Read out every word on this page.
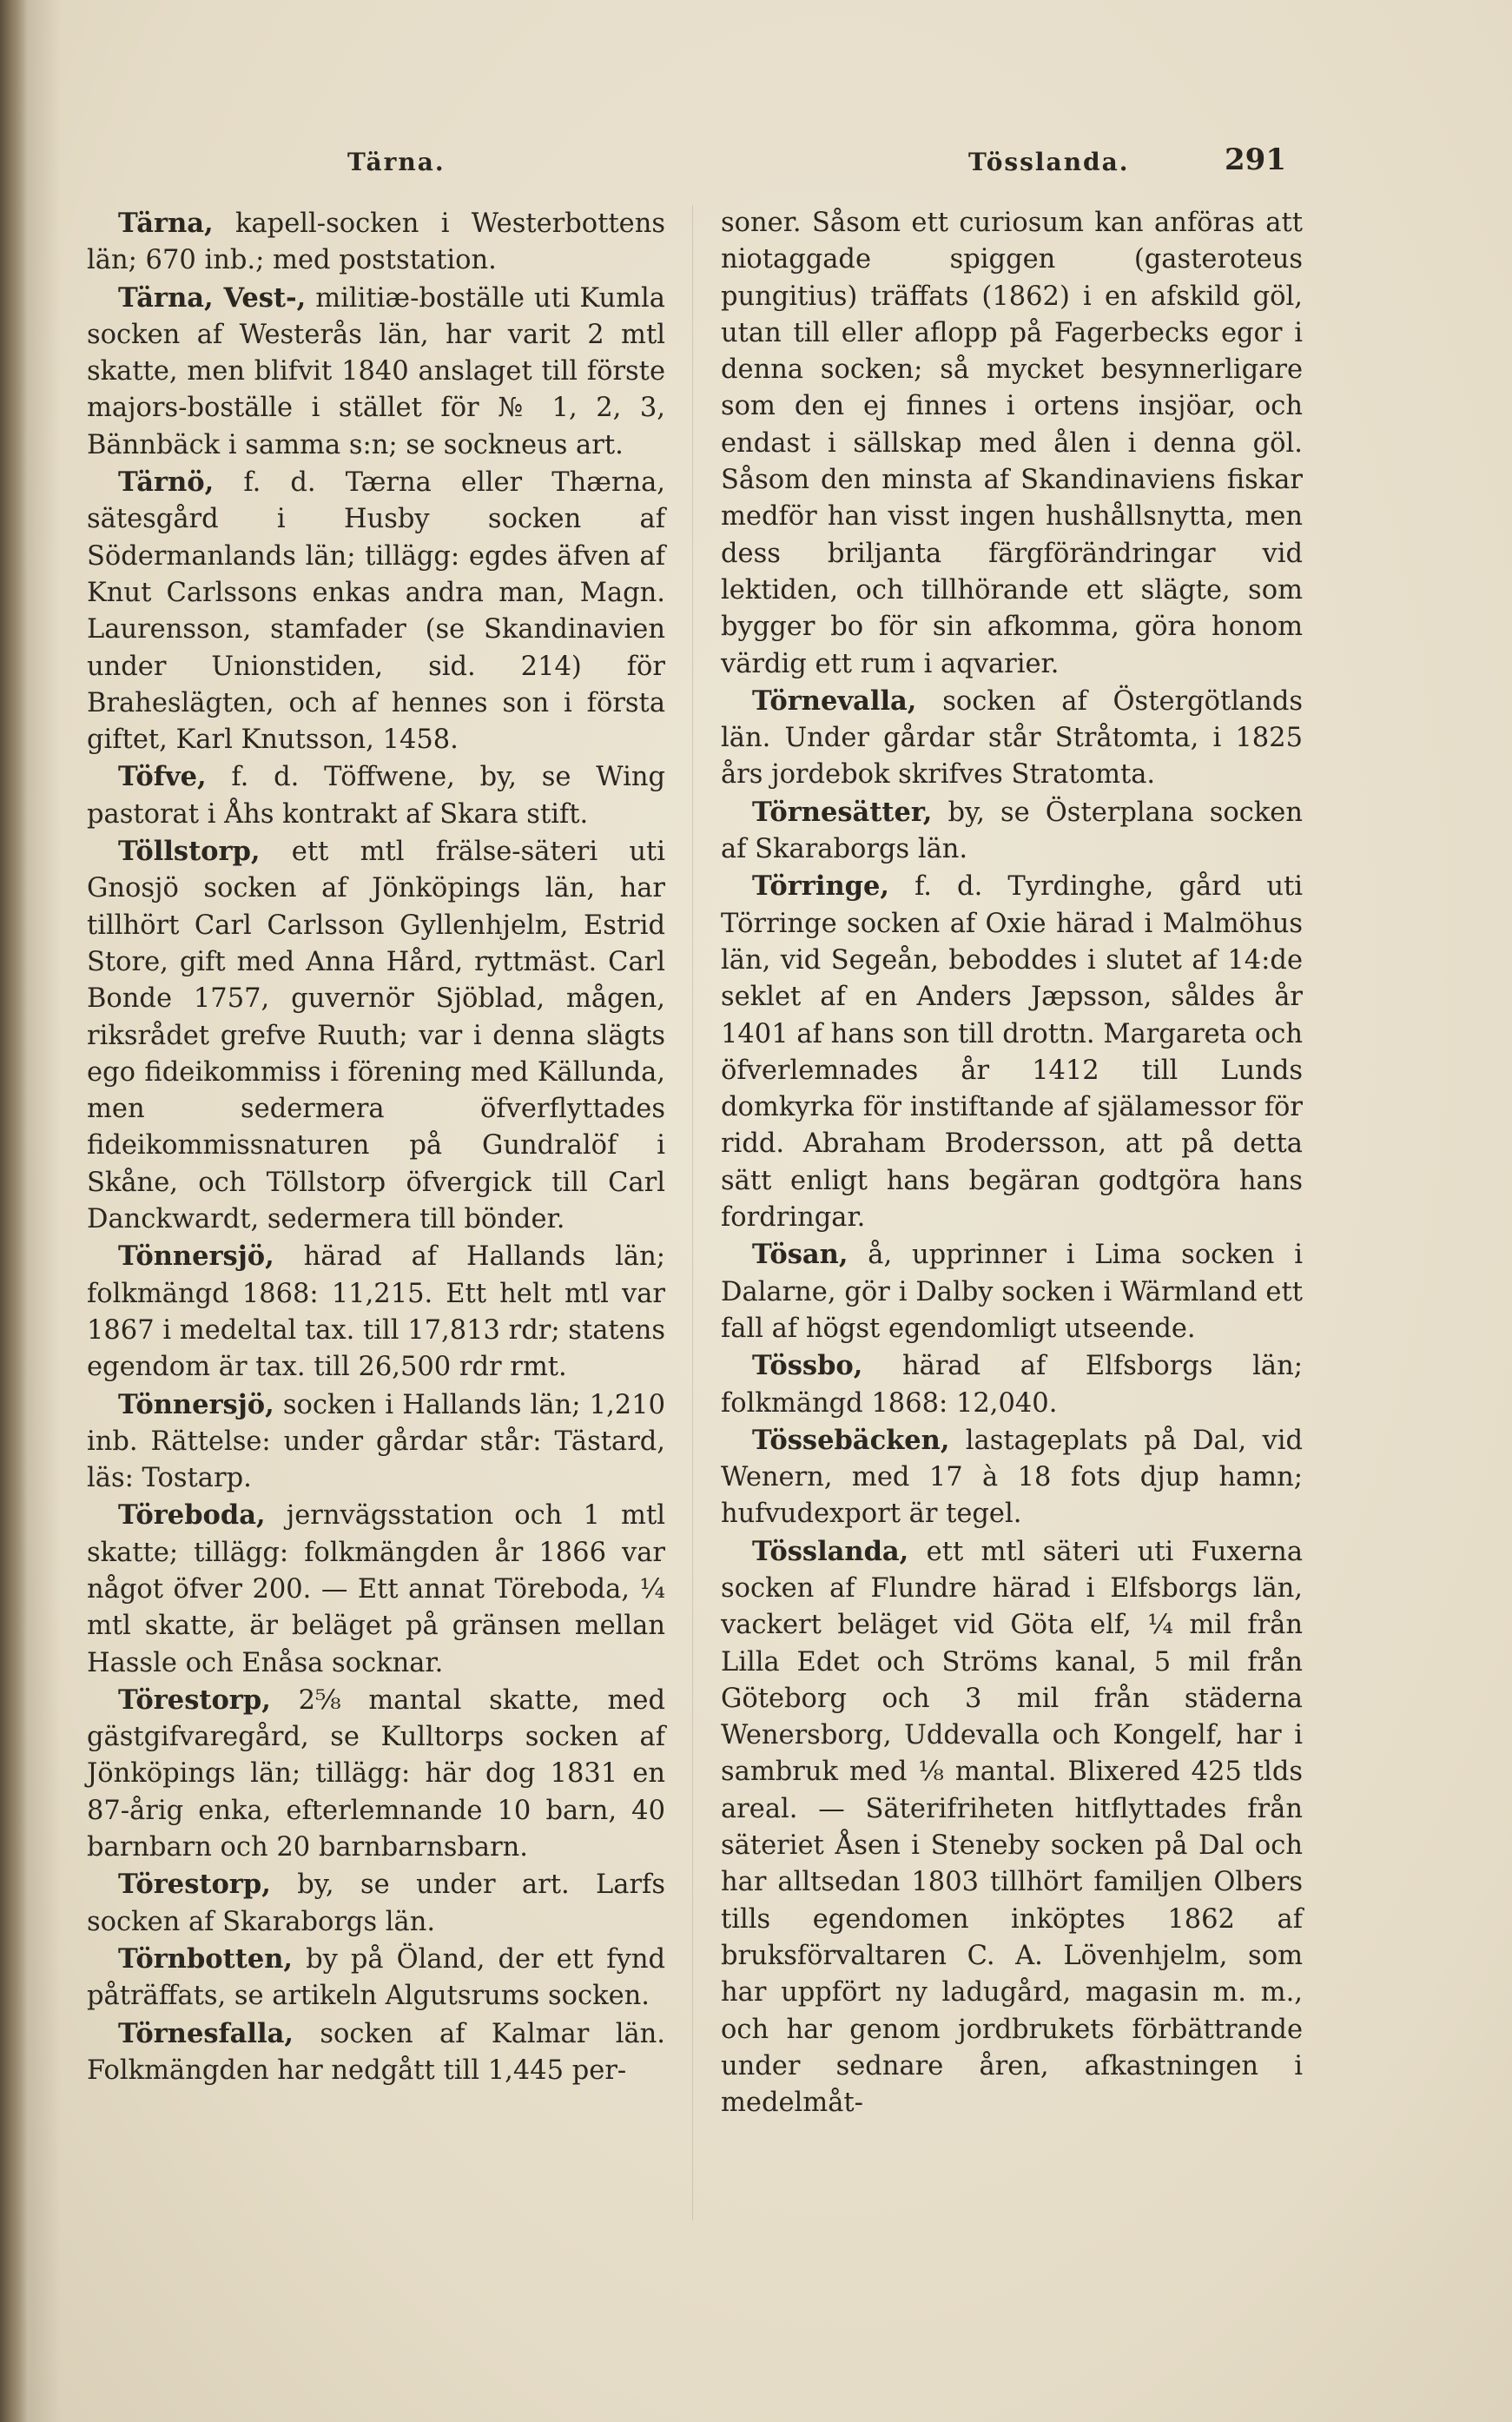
Tärna.	Tösslanda.	291

Tärna, kapell-socken i Westerbottens län; 670 inb.; med poststation.

Tärna, Vest-, militiæ-boställe uti Kumla socken af Westerås län, har varit 2 mtl skatte, men blifvit 1840 anslaget till förste majors-boställe i stället för № 1, 2, 3, Bännbäck i samma s:n; se sockneus art.

Tärnö, f. d. Tærna eller Thærna, sätesgård i Husby socken af Södermanlands län; tillägg: egdes äfven af Knut Carlssons enkas andra man, Magn. Laurensson, stamfader (se Skandinavien under Unionstiden, sid. 214) för Braheslägten, och af hennes son i första giftet, Karl Knutsson, 1458.

Töfve, f. d. Töffwene, by, se Wing pastorat i Åhs kontrakt af Skara stift.

Töllstorp, ett mtl frälse-säteri uti Gnosjö socken af Jönköpings län, har tillhört Carl Carlsson Gyllenhjelm, Estrid Store, gift med Anna Hård, ryttmäst. Carl Bonde 1757, guvernör Sjöblad, mågen, riksrådet grefve Ruuth; var i denna slägts ego fideikommiss i förening med Källunda, men sedermera öfverflyttades fideikommissnaturen på Gundralöf i Skåne, och Töllstorp öfvergick till Carl Danckwardt, sedermera till bönder.

Tönnersjö, härad af Hallands län; folkmängd 1868: 11,215. Ett helt mtl var 1867 i medeltal tax. till 17,813 rdr; statens egendom är tax. till 26,500 rdr rmt.

Tönnersjö, socken i Hallands län; 1,210 inb. Rättelse: under gårdar står: Tästard, läs: Tostarp.

Töreboda, jernvägsstation och 1 mtl skatte; tillägg: folkmängden år 1866 var något öfver 200. — Ett annat Töreboda, ¹⁄₄ mtl skatte, är beläget på gränsen mellan Hassle och Enåsa socknar.

Törestorp, 2⁵⁄₈ mantal skatte, med gästgifvaregård, se Kulltorps socken af Jönköpings län; tillägg: här dog 1831 en 87-årig enka, efterlemnande 10 barn, 40 barnbarn och 20 barnbarnsbarn.

Törestorp, by, se under art. Larfs socken af Skaraborgs län.

Törnbotten, by på Öland, der ett fynd påträffats, se artikeln Algutsrums socken.

Törnesfalla, socken af Kalmar län. Folkmängden har nedgått till 1,445 per-

soner. Såsom ett curiosum kan anföras att niotaggade spiggen (gasteroteus pungitius) träffats (1862) i en afskild göl, utan till eller aflopp på Fagerbecks egor i denna socken; så mycket besynnerligare som den ej finnes i ortens insjöar, och endast i sällskap med ålen i denna göl. Såsom den minsta af Skandinaviens fiskar medför han visst ingen hushållsnytta, men dess briljanta färgförändringar vid lektiden, och tillhörande ett slägte, som bygger bo för sin afkomma, göra honom värdig ett rum i aqvarier.

Törnevalla, socken af Östergötlands län. Under gårdar står Stråtomta, i 1825 års jordebok skrifves Stratomta.

Törnesätter, by, se Österplana socken af Skaraborgs län.

Törringe, f. d. Tyrdinghe, gård uti Törringe socken af Oxie härad i Malmöhus län, vid Segeån, beboddes i slutet af 14:de seklet af en Anders Jæpsson, såldes år 1401 af hans son till drottn. Margareta och öfverlemnades år 1412 till Lunds domkyrka för instiftande af själamessor för ridd. Abraham Brodersson, att på detta sätt enligt hans begäran godtgöra hans fordringar.

Tösan, å, upprinner i Lima socken i Dalarne, gör i Dalby socken i Wärmland ett fall af högst egendomligt utseende.

Tössbo, härad af Elfsborgs län; folkmängd 1868: 12,040.

Tössebäcken, lastageplats på Dal, vid Wenern, med 17 à 18 fots djup hamn; hufvudexport är tegel.

Tösslanda, ett mtl säteri uti Fuxerna socken af Flundre härad i Elfsborgs län, vackert beläget vid Göta elf, ¹⁄₄ mil från Lilla Edet och Ströms kanal, 5 mil från Göteborg och 3 mil från städerna Wenersborg, Uddevalla och Kongelf, har i sambruk med ¹⁄₈ mantal. Blixered 425 tlds areal. — Säterifriheten hitflyttades från säteriet Åsen i Steneby socken på Dal och har alltsedan 1803 tillhört familjen Olbers tills egendomen inköptes 1862 af bruksförvaltaren C. A. Lövenhjelm, som har uppfört ny ladugård, magasin m. m., och har genom jordbrukets förbättrande under sednare åren, afkastningen i medelmåt-
